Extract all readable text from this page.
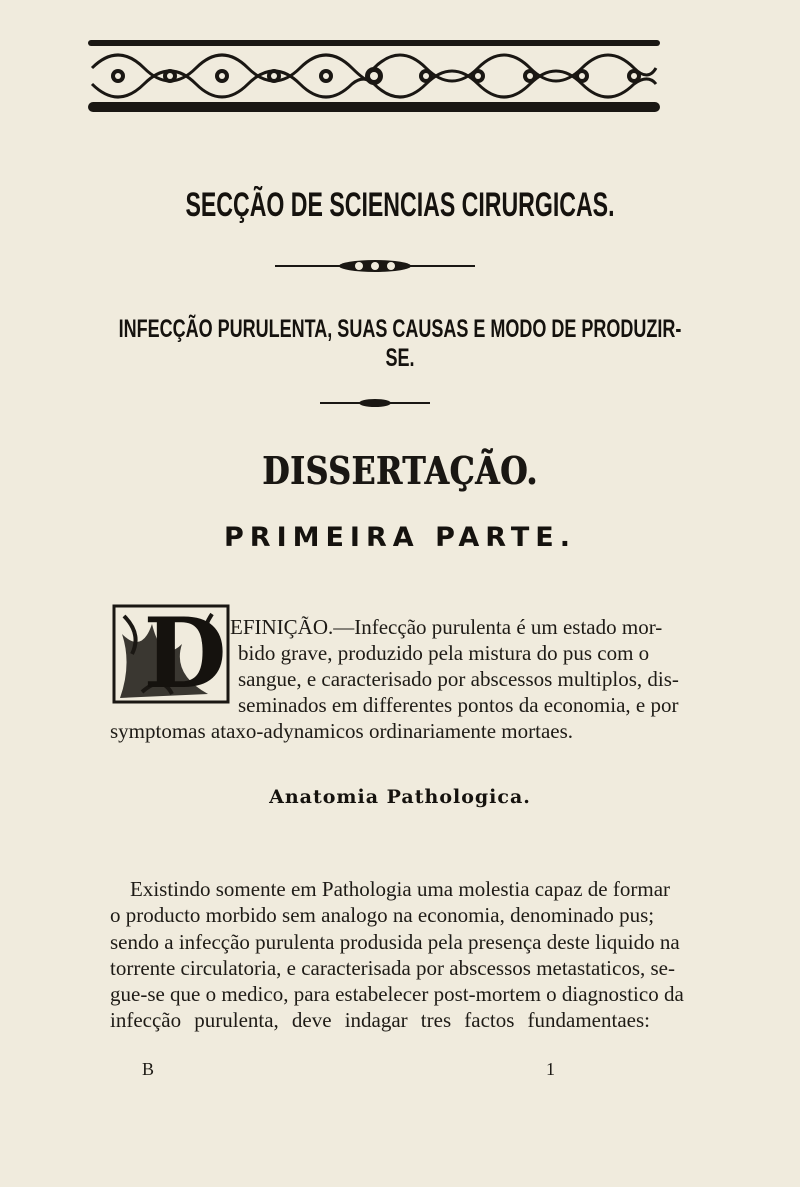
SECÇÃO DE SCIENCIAS CIRURGICAS.
INFECÇÃO PURULENTA, SUAS CAUSAS E MODO DE PRODUZIR-SE.
DISSERTAÇÃO.
PRIMEIRA PARTE.
D EFINIÇÃO.—Infecção purulenta é um estado mor-
bido grave, produzido pela mistura do pus com o
sangue, e caracterisado por abscessos multiplos, dis-
seminados em differentes pontos da economia, e por
symptomas ataxo-adynamicos ordinariamente mortaes.
Anatomia Pathologica.
Existindo somente em Pathologia uma molestia capaz de formar
o producto morbido sem analogo na economia, denominado pus;
sendo a infecção purulenta produsida pela presença deste liquido na
torrente circulatoria, e caracterisada por abscessos metastaticos, se-
gue-se que o medico, para estabelecer post-mortem o diagnostico da
infecção purulenta, deve indagar tres factos fundamentaes:
B	1
